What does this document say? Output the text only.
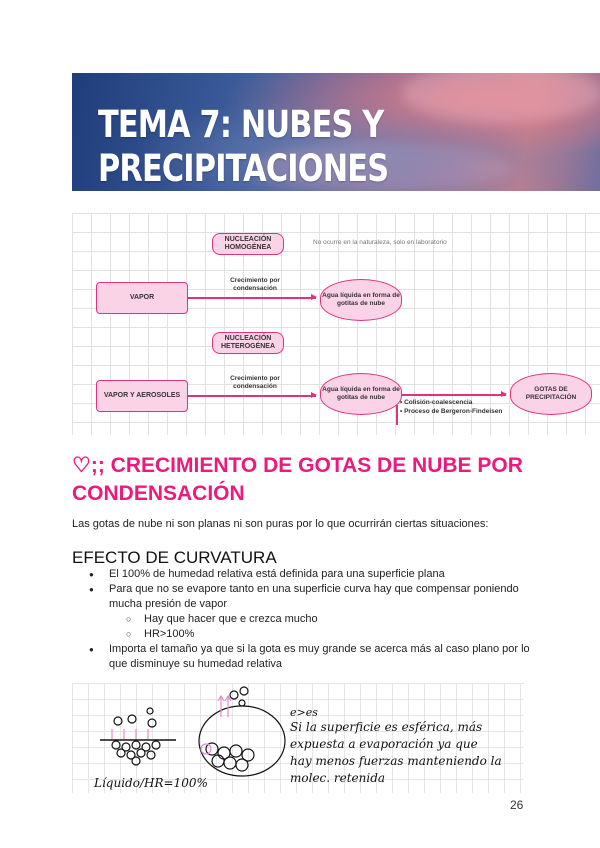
TEMA 7: NUBES Y
PRECIPITACIONES
NUCLEACIÓN HOMOGÉNEA
No ocurre en la naturaleza, solo en laboratorio
VAPOR
Crecimiento por condensación
Agua líquida en forma de gotitas de nube
NUCLEACIÓN HETEROGÉNEA
VAPOR Y AEROSOLES
Crecimiento por condensación	Agua líquida en forma de gotitas de nube
GOTAS DE PRECIPITACIÓN
• Colisión-coalescencia
• Proceso de Bergeron-Findeisen
♡;; CRECIMIENTO DE GOTAS DE NUBE POR CONDENSACIÓN

Las gotas de nube ni son planas ni son puras por lo que ocurrirán ciertas situaciones:

EFECTO DE CURVATURA
● El 100% de humedad relativa está definida para una superficie plana
● Para que no se evapore tanto en una superficie curva hay que compensar poniendo mucha presión de vapor
○ Hay que hacer que e crezca mucho
○ HR>100%
● Importa el tamaño ya que si la gota es muy grande se acerca más al caso plano por lo que disminuye su humedad relativa
Líquido/HR=100%
e>es
Si la superficie es esférica, más
expuesta a evaporación ya que
hay menos fuerzas manteniendo la
molec. retenida
26
